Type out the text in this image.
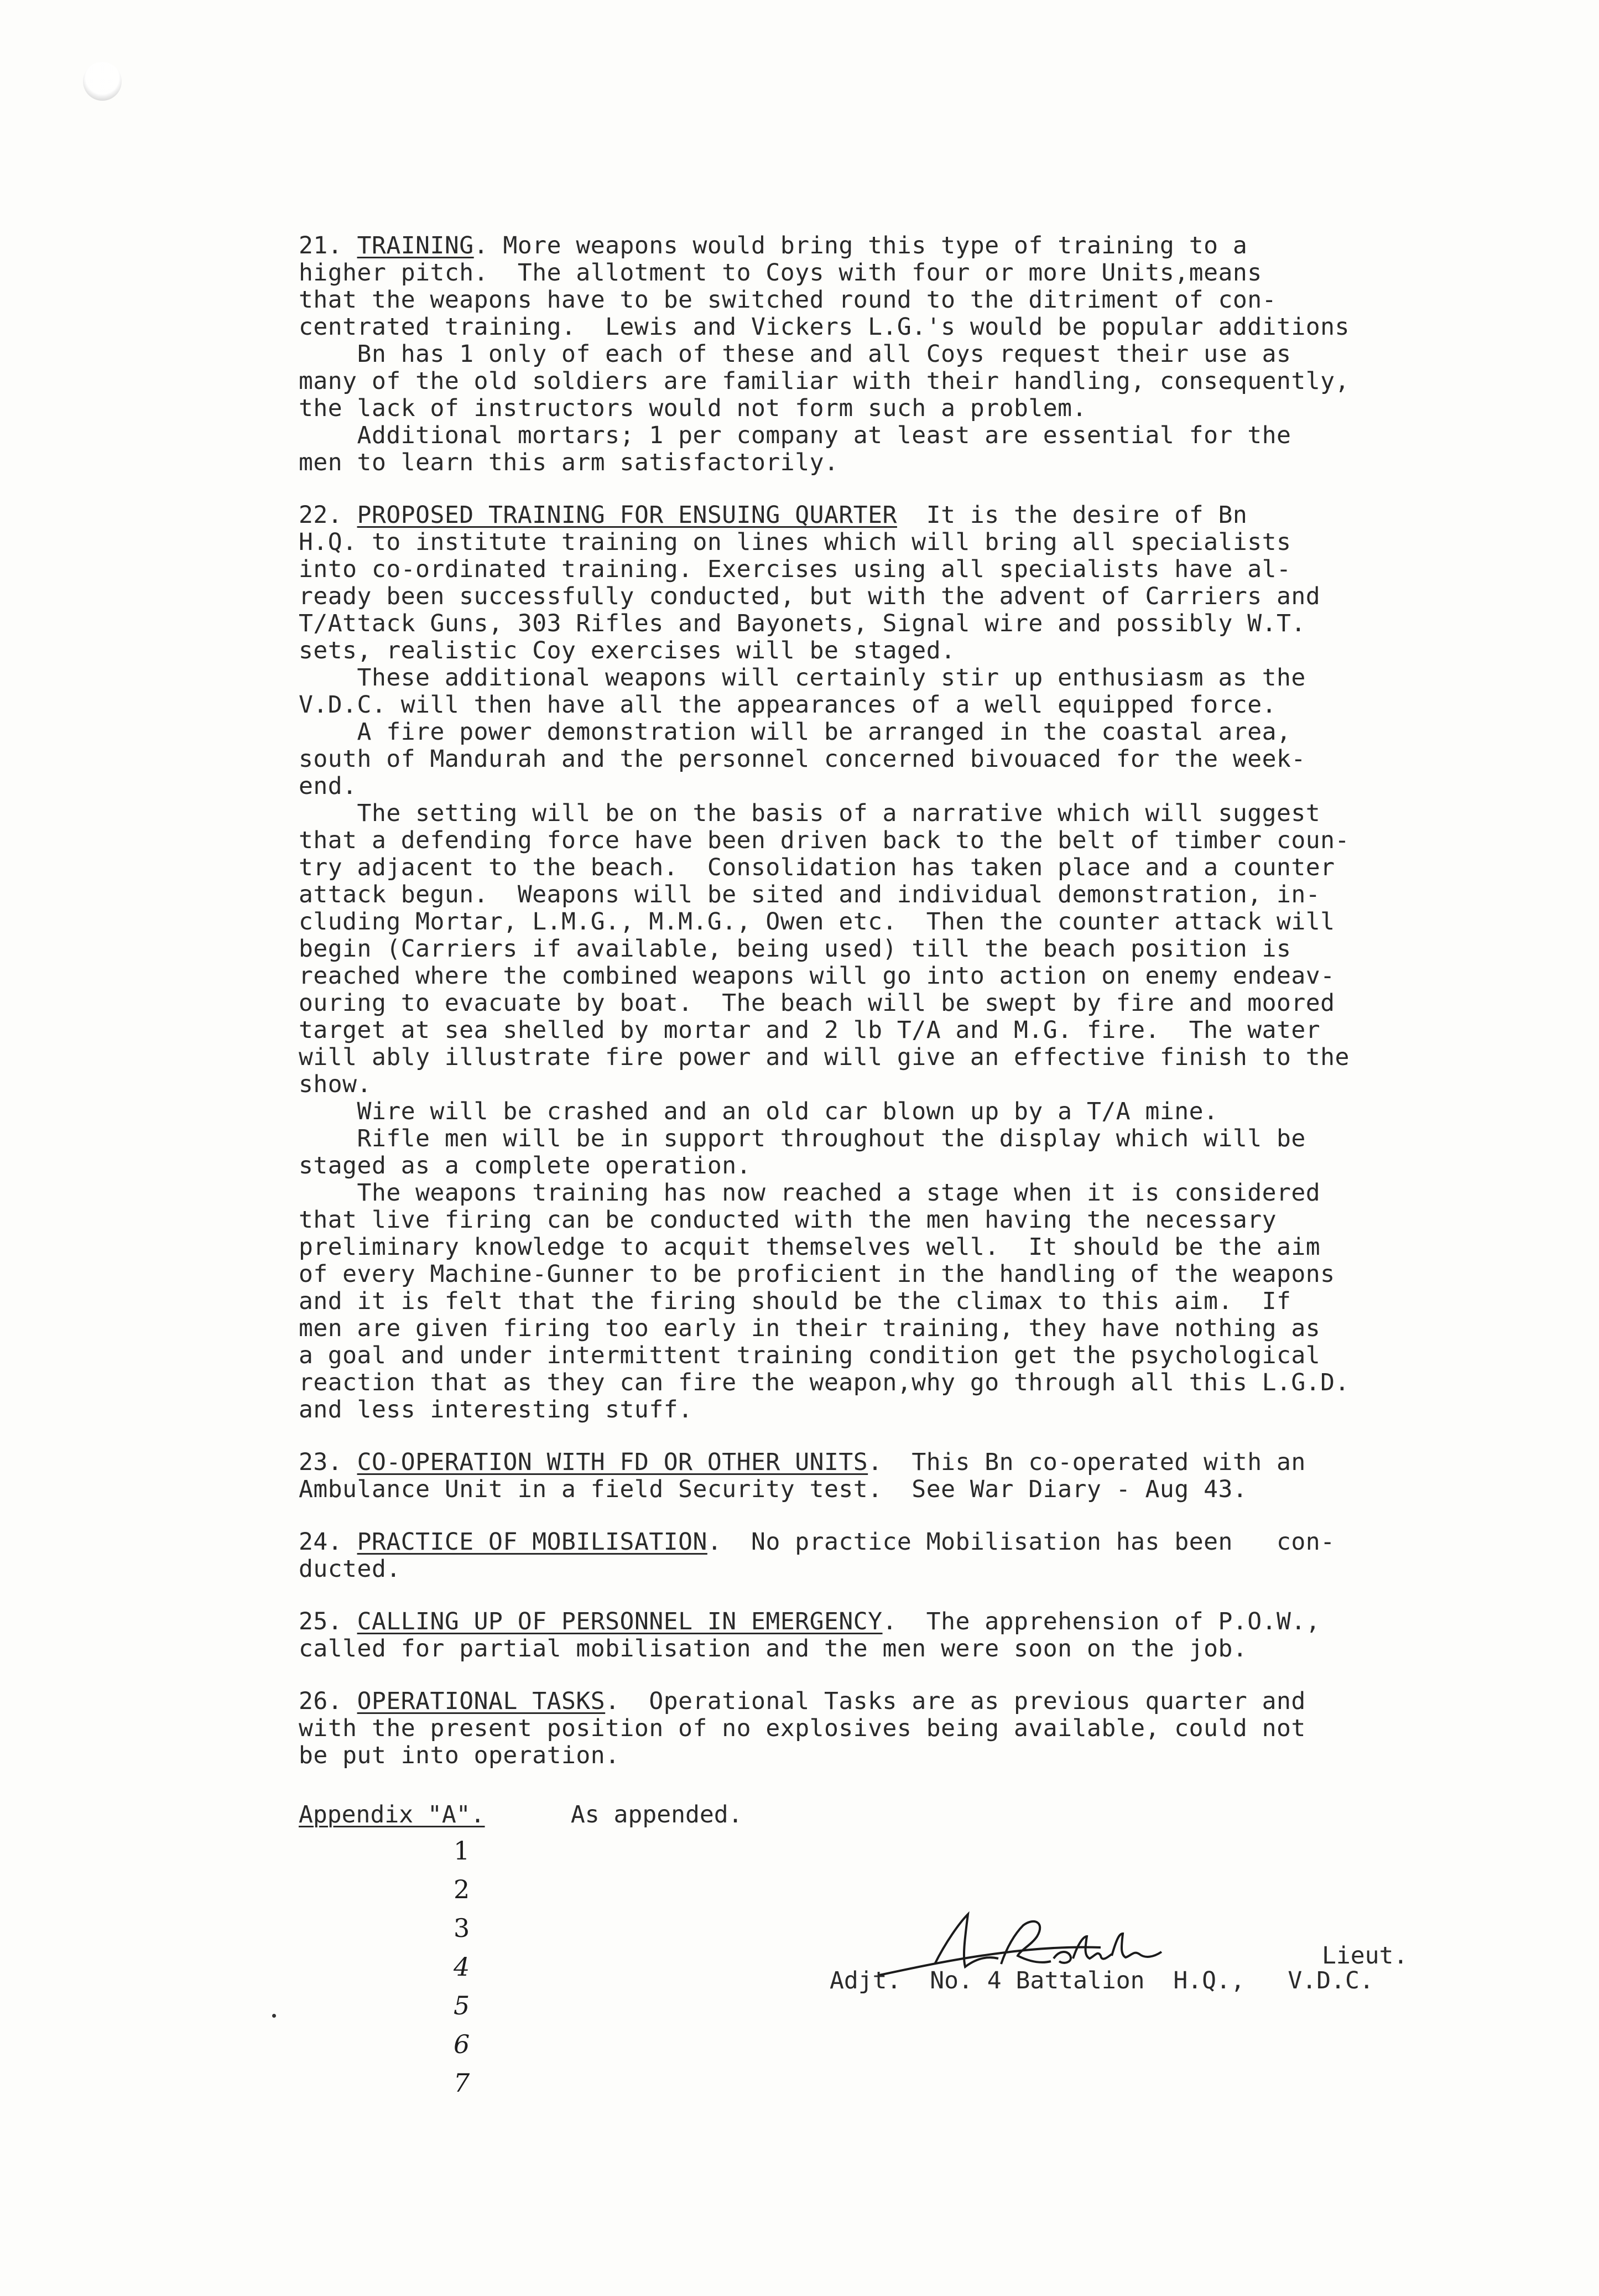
21. TRAINING. More weapons would bring this type of training to a
higher pitch.  The allotment to Coys with four or more Units,means
that the weapons have to be switched round to the ditriment of con-
centrated training.  Lewis and Vickers L.G.'s would be popular additions
Bn has 1 only of each of these and all Coys request their use as
many of the old soldiers are familiar with their handling, consequently,
the lack of instructors would not form such a problem.
Additional mortars; 1 per company at least are essential for the
men to learn this arm satisfactorily.
22. PROPOSED TRAINING FOR ENSUING QUARTER  It is the desire of Bn
H.Q. to institute training on lines which will bring all specialists
into co-ordinated training. Exercises using all specialists have al-
ready been successfully conducted, but with the advent of Carriers and
T/Attack Guns, 303 Rifles and Bayonets, Signal wire and possibly W.T.
sets, realistic Coy exercises will be staged.
These additional weapons will certainly stir up enthusiasm as the
V.D.C. will then have all the appearances of a well equipped force.
A fire power demonstration will be arranged in the coastal area,
south of Mandurah and the personnel concerned bivouaced for the week-
end.
The setting will be on the basis of a narrative which will suggest
that a defending force have been driven back to the belt of timber coun-
try adjacent to the beach.  Consolidation has taken place and a counter
attack begun.  Weapons will be sited and individual demonstration, in-
cluding Mortar, L.M.G., M.M.G., Owen etc.  Then the counter attack will
begin (Carriers if available, being used) till the beach position is
reached where the combined weapons will go into action on enemy endeav-
ouring to evacuate by boat.  The beach will be swept by fire and moored
target at sea shelled by mortar and 2 lb T/A and M.G. fire.  The water
will ably illustrate fire power and will give an effective finish to the
show.
Wire will be crashed and an old car blown up by a T/A mine.
Rifle men will be in support throughout the display which will be
staged as a complete operation.
The weapons training has now reached a stage when it is considered
that live firing can be conducted with the men having the necessary
preliminary knowledge to acquit themselves well.  It should be the aim
of every Machine-Gunner to be proficient in the handling of the weapons
and it is felt that the firing should be the climax to this aim.  If
men are given firing too early in their training, they have nothing as
a goal and under intermittent training condition get the psychological
reaction that as they can fire the weapon,why go through all this L.G.D.
and less interesting stuff.
23. CO-OPERATION WITH FD OR OTHER UNITS.  This Bn co-operated with an
Ambulance Unit in a field Security test.  See War Diary - Aug 43.
24. PRACTICE OF MOBILISATION.  No practice Mobilisation has been   con-
ducted.
25. CALLING UP OF PERSONNEL IN EMERGENCY.  The apprehension of P.O.W.,
called for partial mobilisation and the men were soon on the job.
26. OPERATIONAL TASKS.  Operational Tasks are as previous quarter and
with the present position of no explosives being available, could not
be put into operation.
Appendix "A".	As appended.
1
2
3
4
5
6
7
Lieut.
Adjt.  No. 4 Battalion  H.Q.,   V.D.C.
